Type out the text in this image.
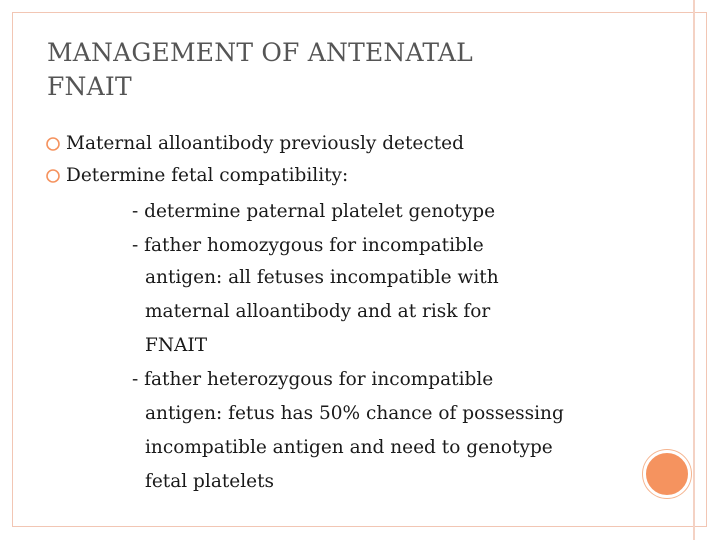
MANAGEMENT OF ANTENATAL
FNAIT
Maternal alloantibody previously detected
Determine fetal compatibility:
- determine paternal platelet genotype
- father homozygous for incompatible
antigen: all fetuses incompatible with
maternal alloantibody and at risk for
FNAIT
- father heterozygous for incompatible
antigen: fetus has 50% chance of possessing
incompatible antigen and need to genotype
fetal platelets
